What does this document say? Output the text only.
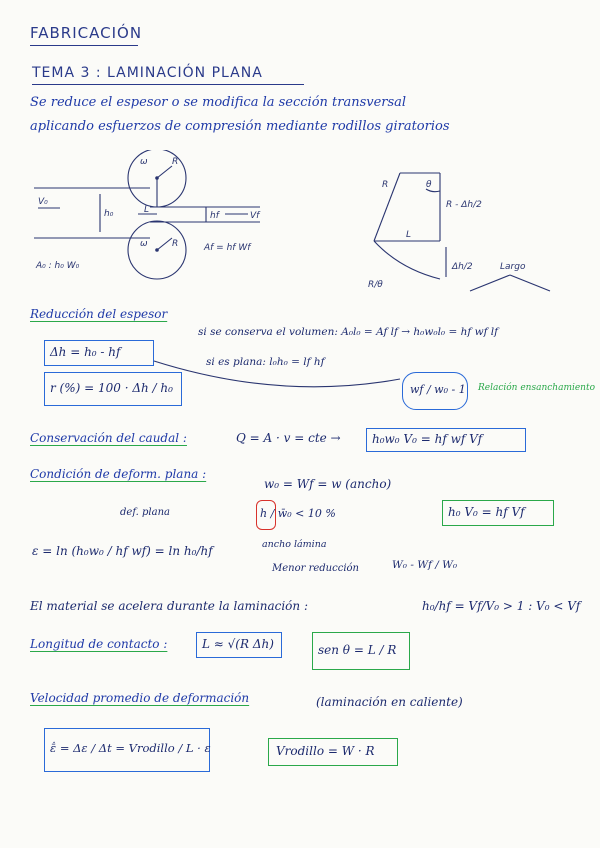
FABRICACIÓN
TEMA 3 : LAMINACIÓN PLANA
Se reduce el espesor o se modifica la sección transversal
aplicando esfuerzos de compresión mediante rodillos giratorios
V₀
h₀	hf	Vf
L
ω	R
ω	R	Af = hf Wf
A₀ : h₀ W₀
R	θ
R - Δh/2
L
Δh/2
R/θ
Largo
Reducción del espesor
si se conserva el volumen: A₀l₀ = Af lf → h₀w₀l₀ = hf wf lf
si es plana: l₀h₀ = lf hf
Δh = h₀ - hf
r (%) = 100 · Δh / h₀	wf / w₀ - 1 Relación ensanchamiento
Conservación del caudal :	Q = A · v = cte →	h₀w₀ V₀ = hf wf Vf
Condición de deform. plana :
w₀ = Wf = w (ancho)
h₀ V₀ = hf Vf
def. plana
ε = ln (h₀w₀ / hf wf) = ln h₀/hf
h / w̄₀ < 10 %
ancho lámina
Menor reducción	W₀ - Wf / W₀
El material se acelera durante la laminación :	h₀/hf = Vf/V₀ > 1 : V₀ < Vf
Longitud de contacto :	L ≈ √(R Δh)	sen θ = L / R
Velocidad promedio de deformación	(laminación en caliente)
ε̄̇ = Δε / Δt = Vrodillo / L · ε	Vrodillo = W · R
